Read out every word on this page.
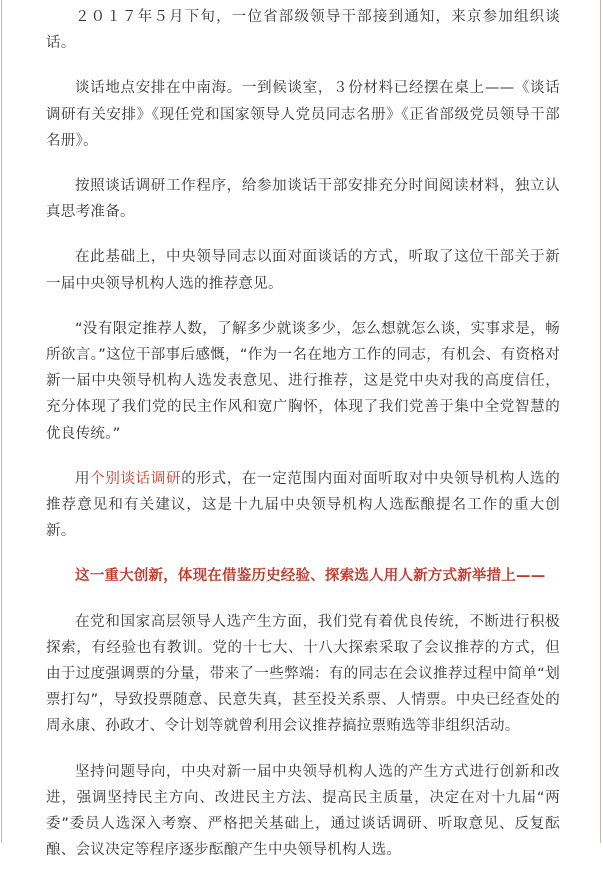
２０１７年５月下旬，一位省部级领导干部接到通知，来京参加组织谈话。

谈话地点安排在中南海。一到候谈室，３份材料已经摆在桌上——《谈话调研有关安排》《现任党和国家领导人党员同志名册》《正省部级党员领导干部名册》。

按照谈话调研工作程序，给参加谈话干部安排充分时间阅读材料，独立认真思考准备。

在此基础上，中央领导同志以面对面谈话的方式，听取了这位干部关于新一届中央领导机构人选的推荐意见。

“没有限定推荐人数，了解多少就谈多少，怎么想就怎么谈，实事求是，畅所欲言。”这位干部事后感慨，“作为一名在地方工作的同志，有机会、有资格对新一届中央领导机构人选发表意见、进行推荐，这是党中央对我的高度信任，充分体现了我们党的民主作风和宽广胸怀，体现了我们党善于集中全党智慧的优良传统。”

用个别谈话调研的形式，在一定范围内面对面听取对中央领导机构人选的推荐意见和有关建议，这是十九届中央领导机构人选酝酿提名工作的重大创新。

这一重大创新，体现在借鉴历史经验、探索选人用人新方式新举措上——

在党和国家高层领导人选产生方面，我们党有着优良传统，不断进行积极探索，有经验也有教训。党的十七大、十八大探索采取了会议推荐的方式，但由于过度强调票的分量，带来了一些弊端：有的同志在会议推荐过程中简单“划票打勾”，导致投票随意、民意失真，甚至投关系票、人情票。中央已经查处的周永康、孙政才、令计划等就曾利用会议推荐搞拉票贿选等非组织活动。

坚持问题导向，中央对新一届中央领导机构人选的产生方式进行创新和改进，强调坚持民主方向、改进民主方法、提高民主质量，决定在对十九届“两委”委员人选深入考察、严格把关基础上，通过谈话调研、听取意见、反复酝酿、会议决定等程序逐步酝酿产生中央领导机构人选。
